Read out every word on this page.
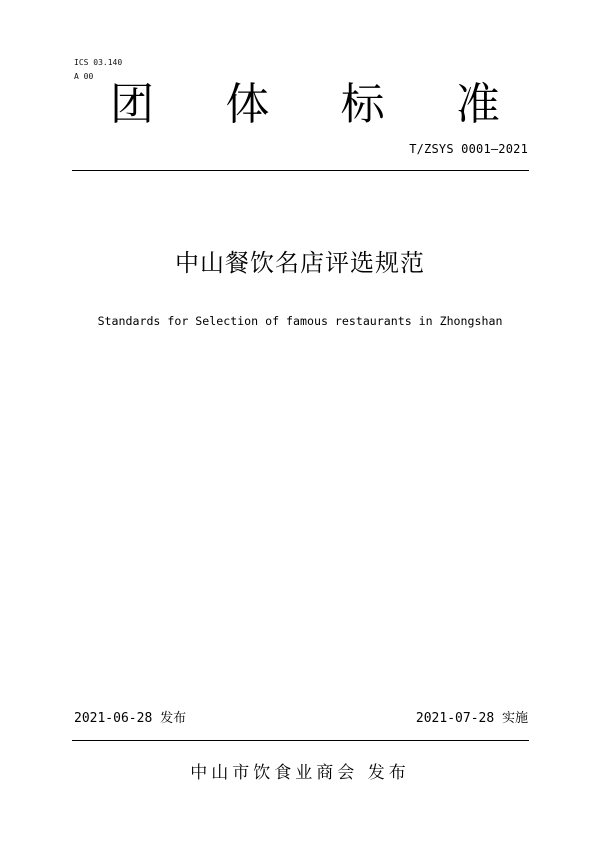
ICS 03.140
A 00
团 体 标 准
T/ZSYS 0001—2021
中山餐饮名店评选规范
Standards for Selection of famous restaurants in Zhongshan
2021-06-28 发布	2021-07-28 实施
中山市饮食业商会 发布
